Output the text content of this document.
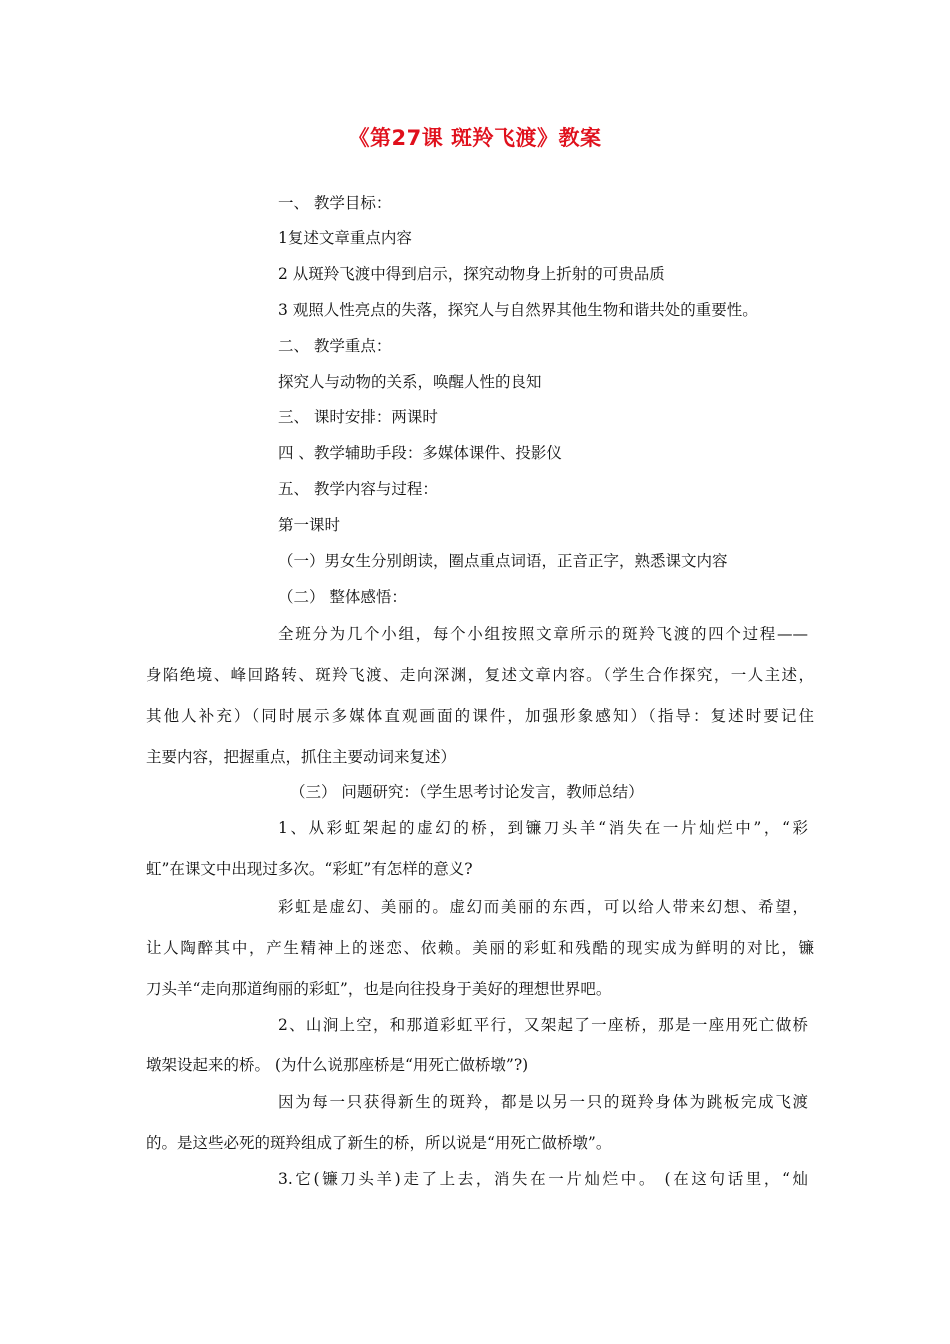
《第27课 斑羚飞渡》教案
一、 教学目标：
1复述文章重点内容
2 从斑羚飞渡中得到启示，探究动物身上折射的可贵品质
3 观照人性亮点的失落，探究人与自然界其他生物和谐共处的重要性。
二、 教学重点：
探究人与动物的关系，唤醒人性的良知
三、 课时安排：两课时
四 、教学辅助手段：多媒体课件、投影仪
五、 教学内容与过程：
第一课时
（一）男女生分别朗读，圈点重点词语，正音正字，熟悉课文内容
（二） 整体感悟：
全班分为几个小组，每个小组按照文章所示的斑羚飞渡的四个过程——
身陷绝境、峰回路转、斑羚飞渡、走向深渊，复述文章内容。（学生合作探究，一人主述，
其他人补充）（同时展示多媒体直观画面的课件，加强形象感知）（指导：复述时要记住
主要内容，把握重点，抓住主要动词来复述）
（三） 问题研究：（学生思考讨论发言，教师总结）
1、从彩虹架起的虚幻的桥，到镰刀头羊“消失在一片灿烂中”，“彩
虹”在课文中出现过多次。“彩虹”有怎样的意义?
彩虹是虚幻、美丽的。虚幻而美丽的东西，可以给人带来幻想、希望，
让人陶醉其中，产生精神上的迷恋、依赖。美丽的彩虹和残酷的现实成为鲜明的对比，镰
刀头羊“走向那道绚丽的彩虹”，也是向往投身于美好的理想世界吧。
2、山涧上空，和那道彩虹平行，又架起了一座桥，那是一座用死亡做桥
墩架设起来的桥。 (为什么说那座桥是“用死亡做桥墩”?)
因为每一只获得新生的斑羚，都是以另一只的斑羚身体为跳板完成飞渡
的。是这些必死的斑羚组成了新生的桥，所以说是“用死亡做桥墩”。
3.它(镰刀头羊)走了上去，消失在一片灿烂中。 (在这句话里，“灿
